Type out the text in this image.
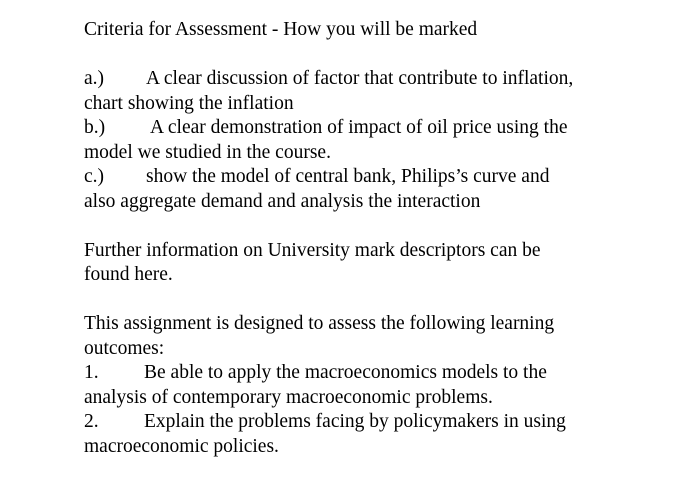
Criteria for Assessment - How you will be marked

a.) A clear discussion of factor that contribute to inflation,

chart showing the inflation

b.) A clear demonstration of impact of oil price using the

model we studied in the course.

c.) show the model of central bank, Philips’s curve and

also aggregate demand and analysis the interaction

Further information on University mark descriptors can be

found here.

This assignment is designed to assess the following learning

outcomes:

1. Be able to apply the macroeconomics models to the

analysis of contemporary macroeconomic problems.

2. Explain the problems facing by policymakers in using

macroeconomic policies.
